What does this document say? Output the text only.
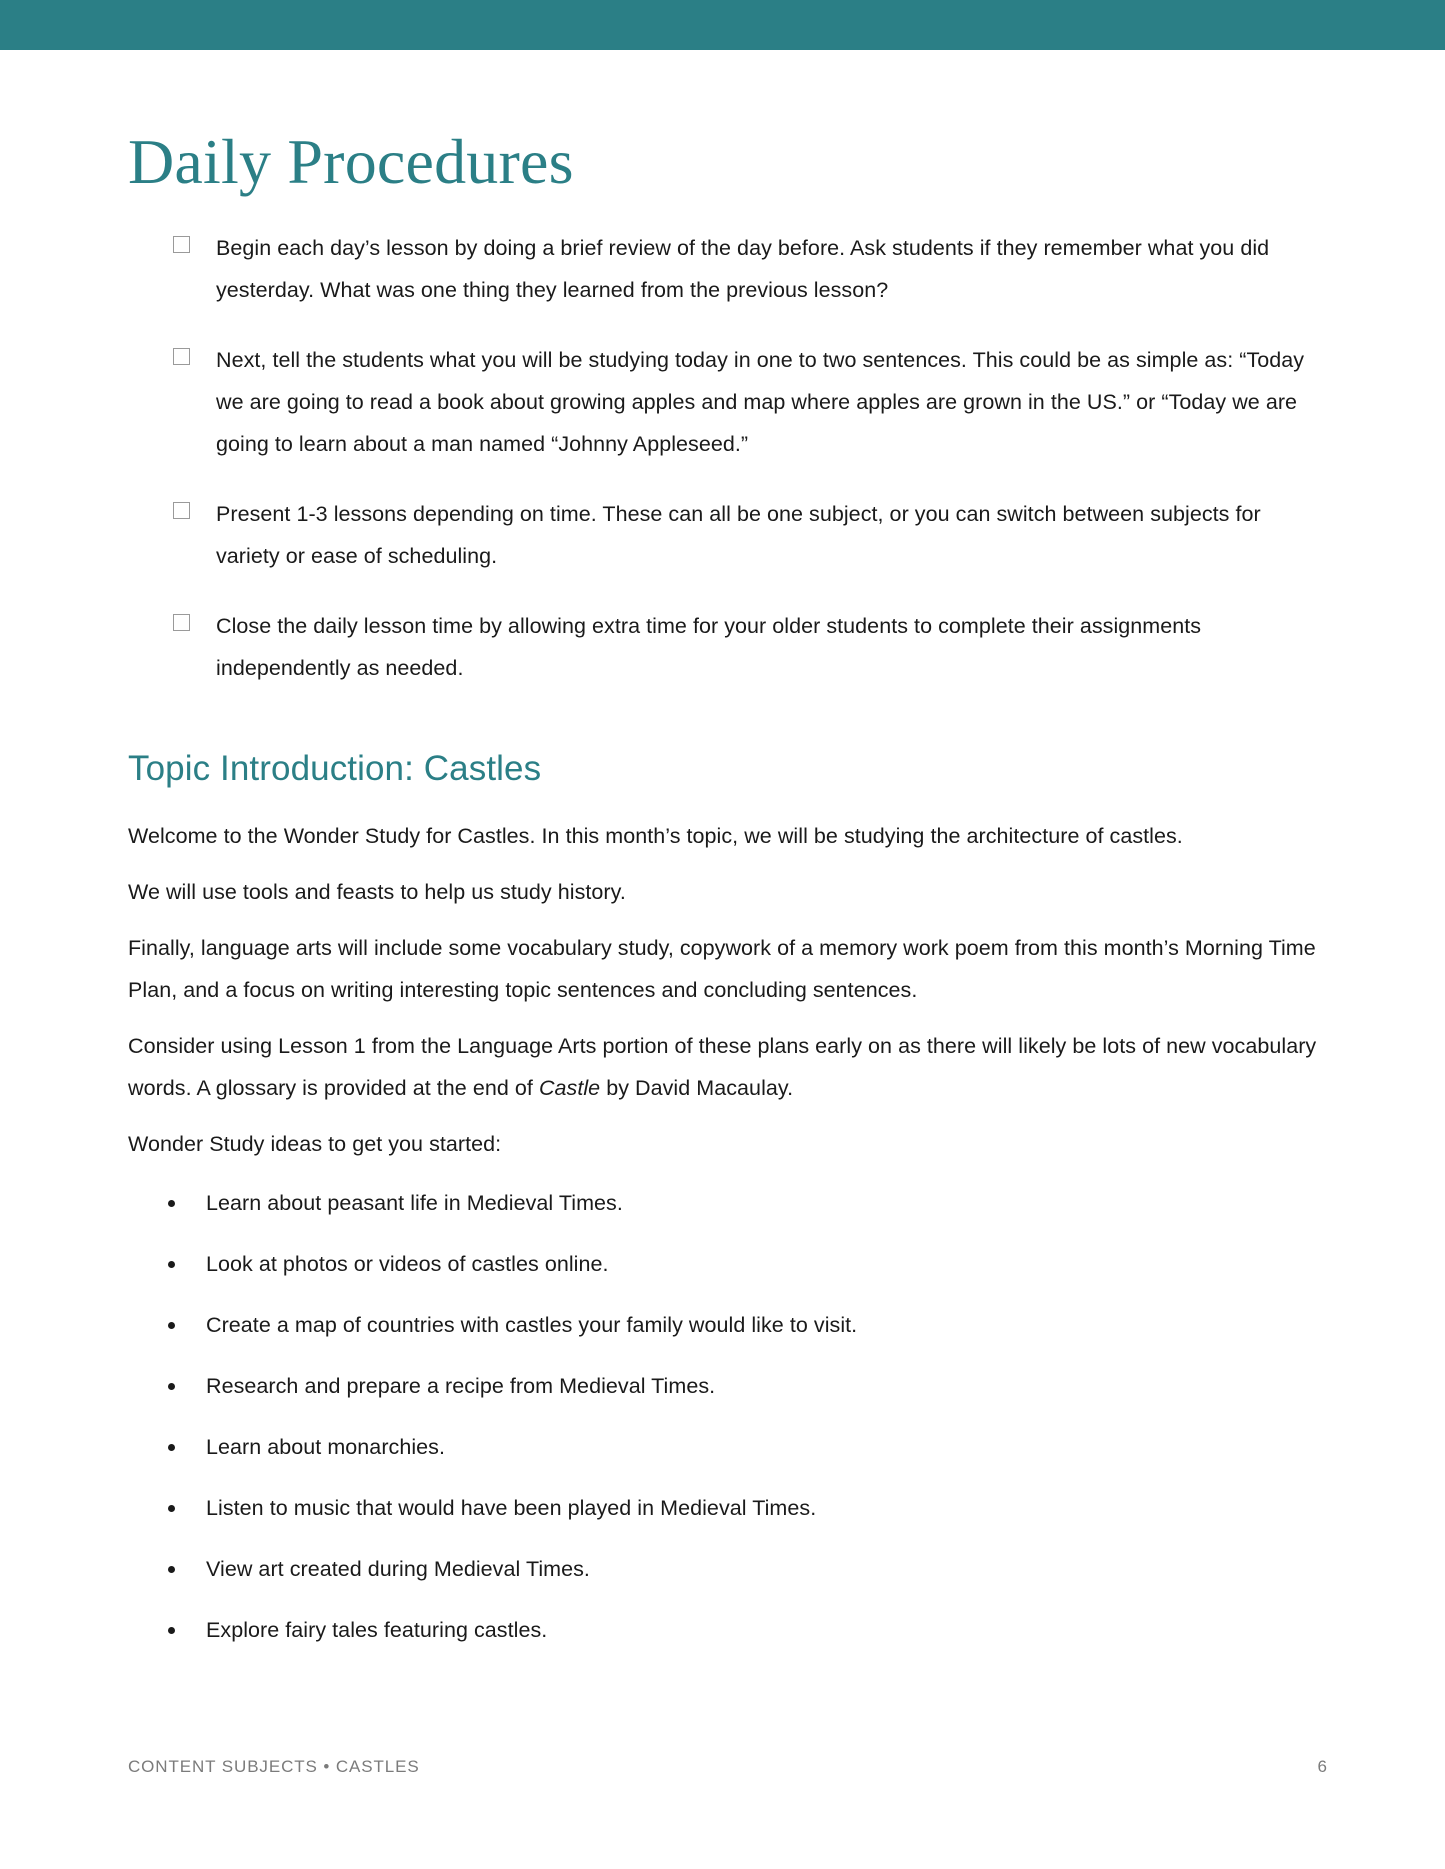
Daily Procedures
Begin each day’s lesson by doing a brief review of the day before. Ask students if they remember what you did yesterday. What was one thing they learned from the previous lesson?
Next, tell the students what you will be studying today in one to two sentences. This could be as simple as: “Today we are going to read a book about growing apples and map where apples are grown in the US.” or “Today we are going to learn about a man named “Johnny Appleseed.”
Present 1-3 lessons depending on time. These can all be one subject, or you can switch between subjects for variety or ease of scheduling.
Close the daily lesson time by allowing extra time for your older students to complete their assignments independently as needed.
Topic Introduction: Castles

Welcome to the Wonder Study for Castles. In this month’s topic, we will be studying the architecture of castles.

We will use tools and feasts to help us study history.

Finally, language arts will include some vocabulary study, copywork of a memory work poem from this month’s Morning Time Plan, and a focus on writing interesting topic sentences and concluding sentences.

Consider using Lesson 1 from the Language Arts portion of these plans early on as there will likely be lots of new vocabulary words. A glossary is provided at the end of Castle by David Macaulay.

Wonder Study ideas to get you started:

Learn about peasant life in Medieval Times.
Look at photos or videos of castles online.
Create a map of countries with castles your family would like to visit.
Research and prepare a recipe from Medieval Times.
Learn about monarchies.
Listen to music that would have been played in Medieval Times.
View art created during Medieval Times.
Explore fairy tales featuring castles.
CONTENT SUBJECTS • CASTLES	6
